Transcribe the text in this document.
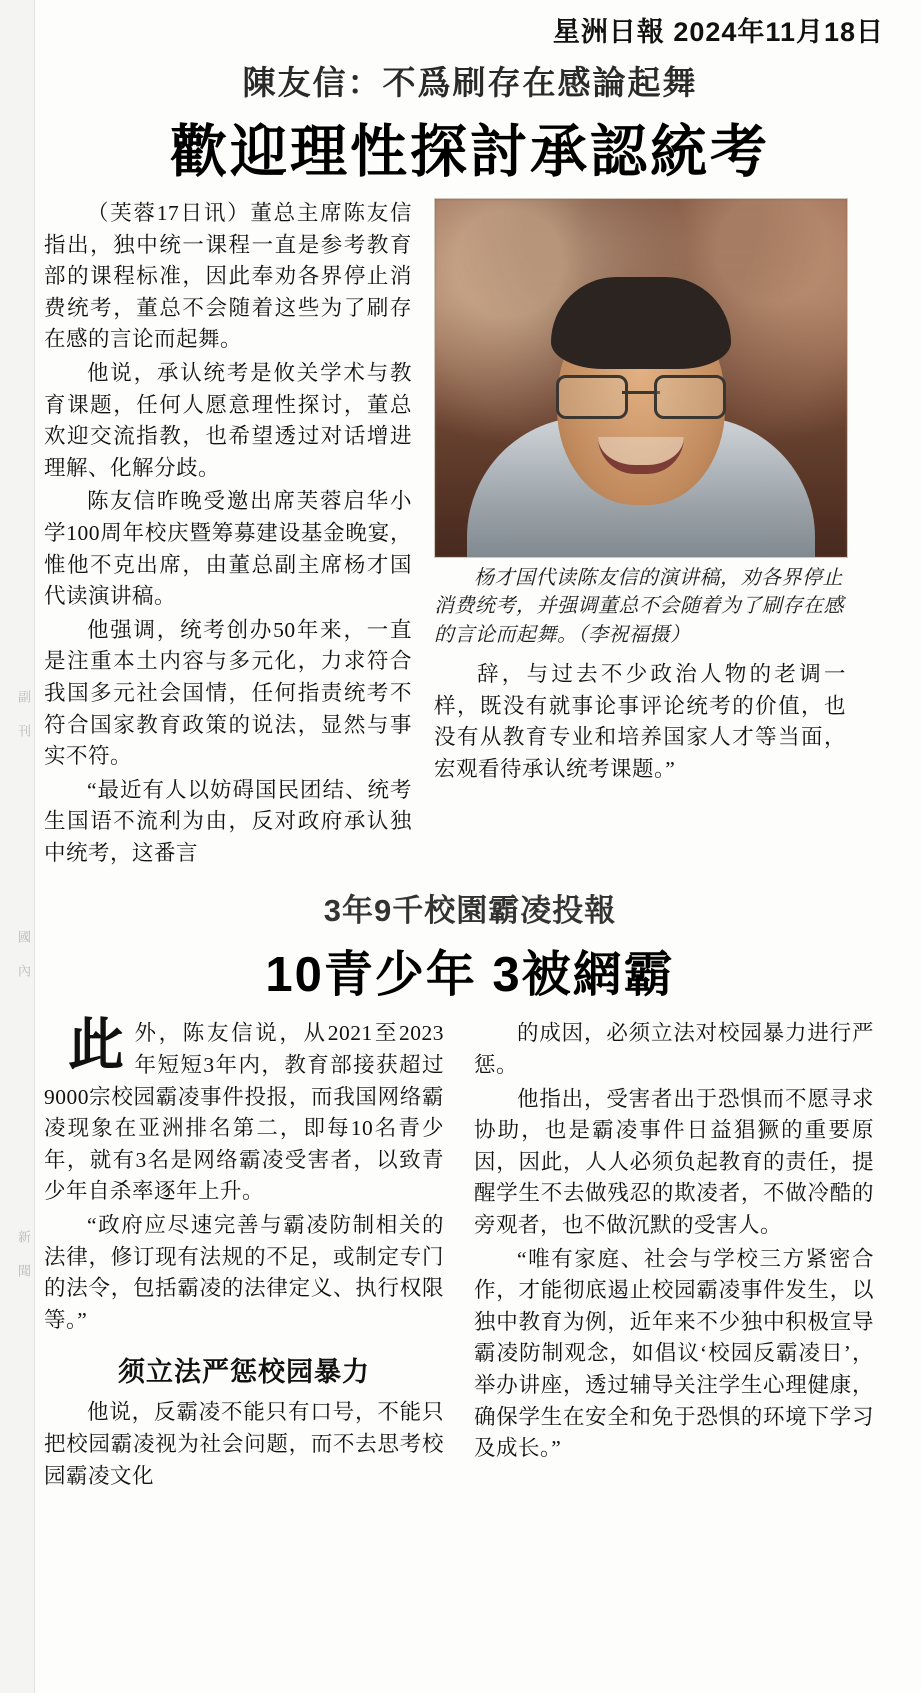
副 刊
國 內
新 聞
星洲日報 2024年11月18日
陳友信：不爲刷存在感論起舞
歡迎理性探討承認統考

（芙蓉17日讯）董总主席陈友信指出，独中统一课程一直是参考教育部的课程标准，因此奉劝各界停止消费统考，董总不会随着这些为了刷存在感的言论而起舞。

他说，承认统考是攸关学术与教育课题，任何人愿意理性探讨，董总欢迎交流指教，也希望透过对话增进理解、化解分歧。

陈友信昨晚受邀出席芙蓉启华小学100周年校庆暨筹募建设基金晚宴，惟他不克出席，由董总副主席杨才国代读演讲稿。

他强调，统考创办50年来，一直是注重本土内容与多元化，力求符合我国多元社会国情，任何指责统考不符合国家教育政策的说法，显然与事实不符。

“最近有人以妨碍国民团结、统考生国语不流利为由，反对政府承认独中统考，这番言

杨才国代读陈友信的演讲稿，劝各界停止消费统考，并强调董总不会随着为了刷存在感的言论而起舞。（李祝福摄）

辞，与过去不少政治人物的老调一样，既没有就事论事评论统考的价值，也没有从教育专业和培养国家人才等当面，宏观看待承认统考课题。”

3年9千校園霸凌投報
10青少年 3被網霸

此外，陈友信说，从2021至2023年短短3年内，教育部接获超过9000宗校园霸凌事件投报，而我国网络霸凌现象在亚洲排名第二，即每10名青少年，就有3名是网络霸凌受害者，以致青少年自杀率逐年上升。

“政府应尽速完善与霸凌防制相关的法律，修订现有法规的不足，或制定专门的法令，包括霸凌的法律定义、执行权限等。”

须立法严惩校园暴力

他说，反霸凌不能只有口号，不能只把校园霸凌视为社会问题，而不去思考校园霸凌文化

的成因，必须立法对校园暴力进行严惩。

他指出，受害者出于恐惧而不愿寻求协助，也是霸凌事件日益猖獗的重要原因，因此，人人必须负起教育的责任，提醒学生不去做残忍的欺凌者，不做冷酷的旁观者，也不做沉默的受害人。

“唯有家庭、社会与学校三方紧密合作，才能彻底遏止校园霸凌事件发生，以独中教育为例，近年来不少独中积极宣导霸凌防制观念，如倡议‘校园反霸凌日’，举办讲座，透过辅导关注学生心理健康，确保学生在安全和免于恐惧的环境下学习及成长。”
